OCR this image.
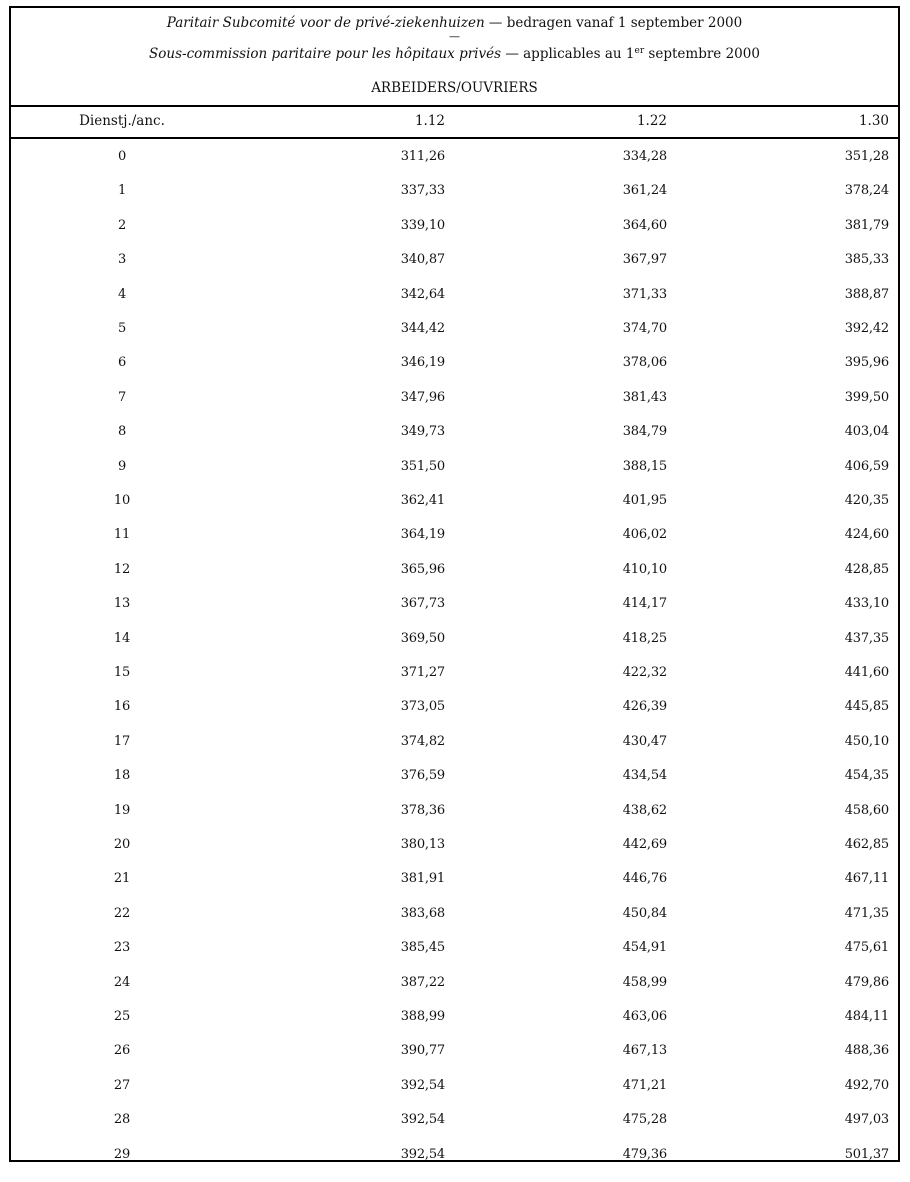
Paritair Subcomité voor de privé-ziekenhuizen — bedragen vanaf 1 september 2000
—
Sous-commission paritaire pour les hôpitaux privés — applicables au 1er septembre 2000
ARBEIDERS/OUVRIERS
Dienstj./anc.	1.12	1.22	1.30
0	311,26	334,28	351,28
1	337,33	361,24	378,24
2	339,10	364,60	381,79
3	340,87	367,97	385,33
4	342,64	371,33	388,87
5	344,42	374,70	392,42
6	346,19	378,06	395,96
7	347,96	381,43	399,50
8	349,73	384,79	403,04
9	351,50	388,15	406,59
10	362,41	401,95	420,35
11	364,19	406,02	424,60
12	365,96	410,10	428,85
13	367,73	414,17	433,10
14	369,50	418,25	437,35
15	371,27	422,32	441,60
16	373,05	426,39	445,85
17	374,82	430,47	450,10
18	376,59	434,54	454,35
19	378,36	438,62	458,60
20	380,13	442,69	462,85
21	381,91	446,76	467,11
22	383,68	450,84	471,35
23	385,45	454,91	475,61
24	387,22	458,99	479,86
25	388,99	463,06	484,11
26	390,77	467,13	488,36
27	392,54	471,21	492,70
28	392,54	475,28	497,03
29	392,54	479,36	501,37
